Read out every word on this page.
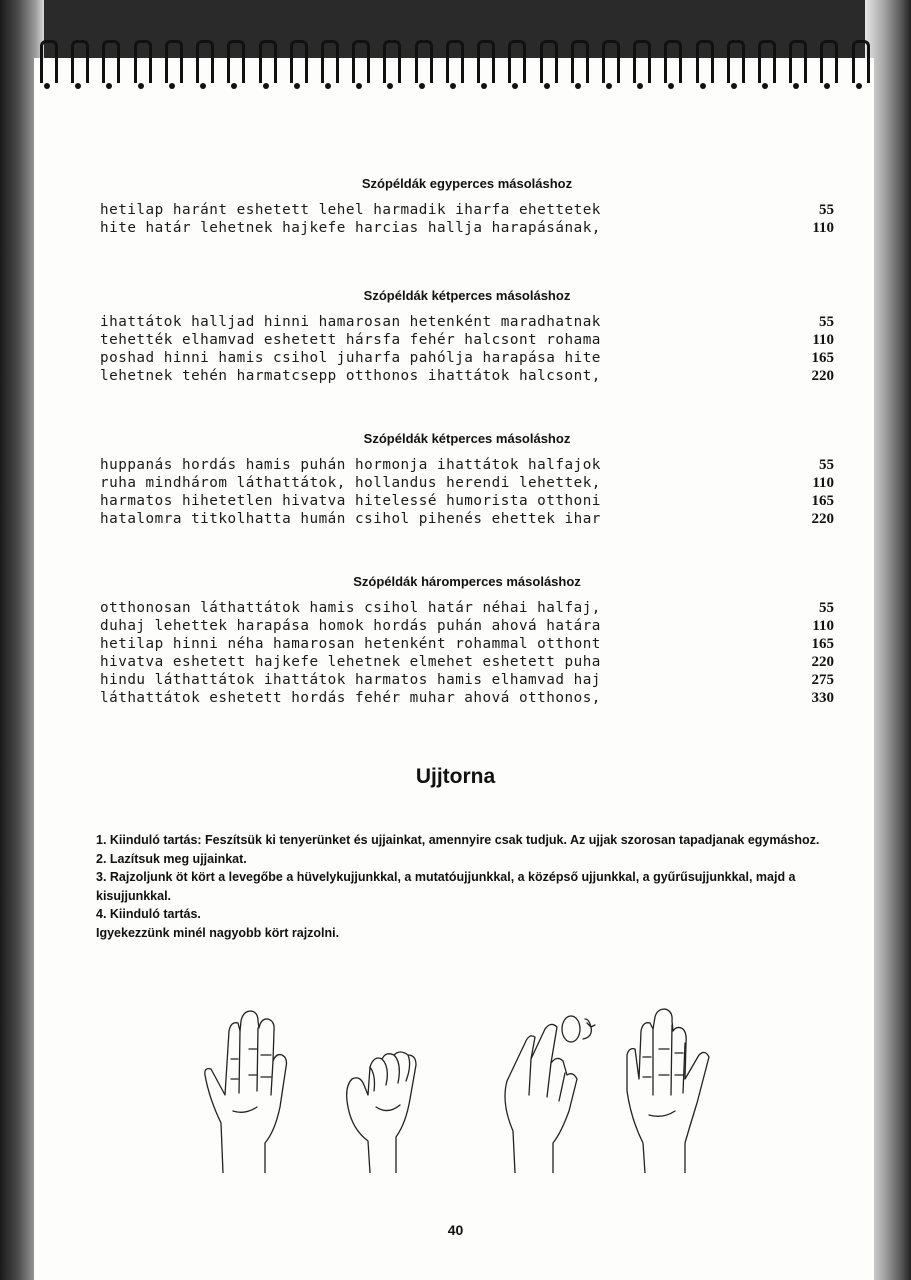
Szópéldák egyperces másoláshoz
hetilap haránt eshetett lehel harmadik iharfa ehettetek	55
hite határ lehetnek hajkefe harcias hallja harapásának,	110
Szópéldák kétperces másoláshoz
ihattátok halljad hinni hamarosan hetenként maradhatnak	55
tehették elhamvad eshetett hársfa fehér halcsont rohama	110
poshad hinni hamis csihol juharfa pahólja harapása hite	165
lehetnek tehén harmatcsepp otthonos ihattátok halcsont,	220
Szópéldák kétperces másoláshoz
huppanás hordás hamis puhán hormonja ihattátok halfajok	55
ruha mindhárom láthattátok, hollandus herendi lehettek,	110
harmatos hihetetlen hivatva hitelessé humorista otthoni	165
hatalomra titkolhatta humán csihol pihenés ehettek ihar	220
Szópéldák háromperces másoláshoz
otthonosan láthattátok hamis csihol határ néhai halfaj,	55
duhaj lehettek harapása homok hordás puhán ahová határa	110
hetilap hinni néha hamarosan hetenként rohammal otthont	165
hivatva eshetett hajkefe lehetnek elmehet eshetett puha	220
hindu láthattátok ihattátok harmatos hamis elhamvad haj	275
láthattátok eshetett hordás fehér muhar ahová otthonos,	330
Ujjtorna

1. Kiinduló tartás: Feszítsük ki tenyerünket és ujjainkat, amennyire csak tudjuk. Az ujjak szorosan tapadjanak egymáshoz.

2. Lazítsuk meg ujjainkat.

3. Rajzoljunk öt kört a levegőbe a hüvelykujjunkkal, a mutatóujjunkkal, a középső ujjunkkal, a gyűrűsujjunkkal, majd a kisujjunkkal.

4. Kiinduló tartás.

Igyekezzünk minél nagyobb kört rajzolni.

40
